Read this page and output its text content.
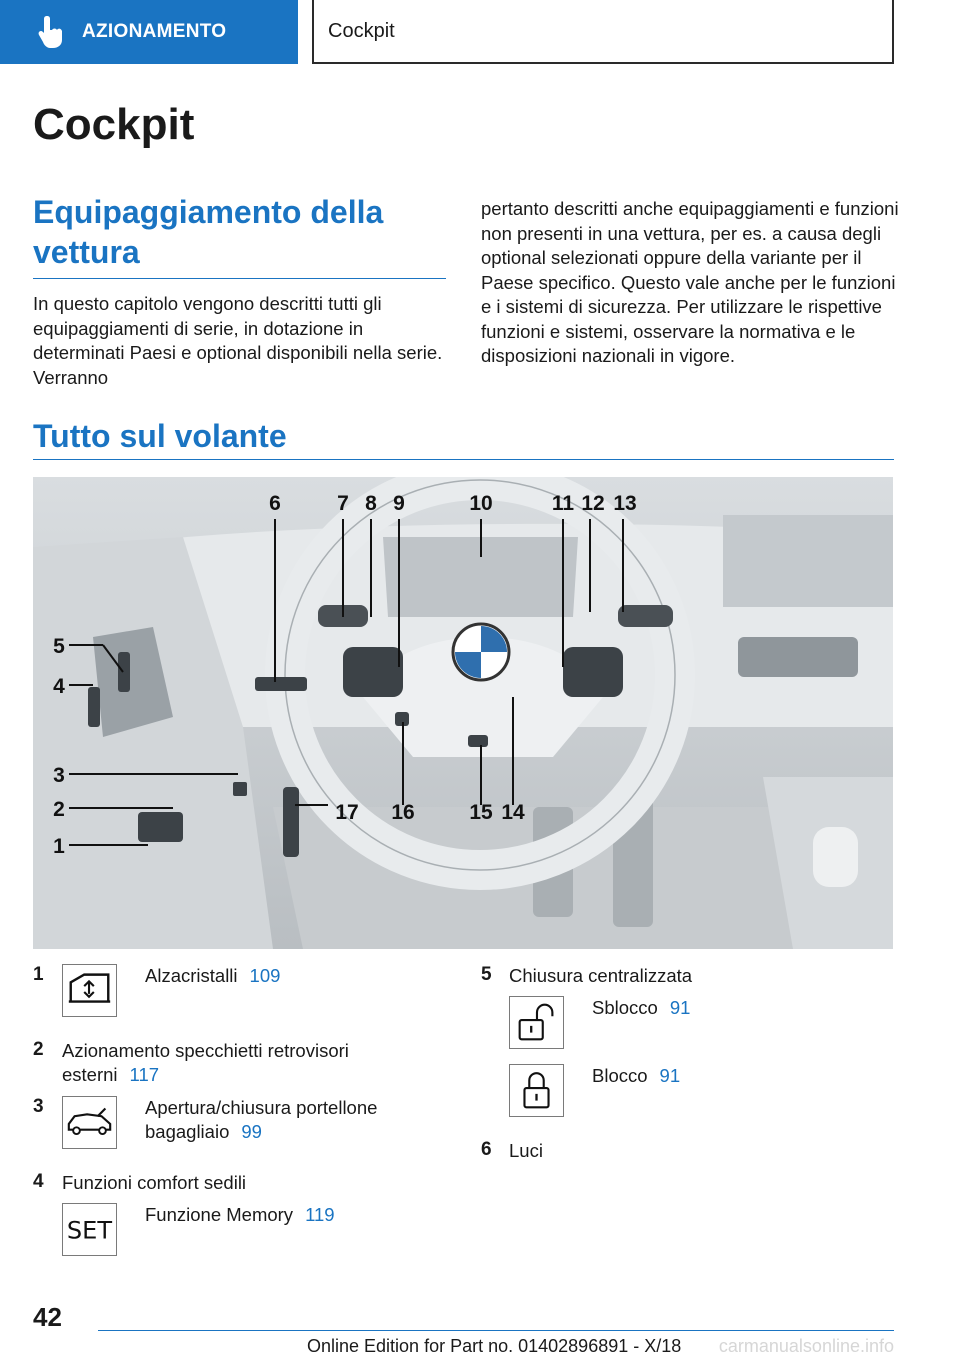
AZIONAMENTO	Cockpit
Cockpit
Equipaggiamento della vettura

In questo capitolo vengono descritti tutti gli equipaggiamenti di serie, in dotazione in determinati Paesi e optional disponibili nella serie. Verranno

pertanto descritti anche equipaggiamenti e funzioni non presenti in una vettura, per es. a causa degli optional selezionati oppure della variante per il Paese specifico. Questo vale anche per le funzioni e i sistemi di sicurezza. Per utilizzare le rispettive funzioni e sistemi, osservare la normativa e le disposizioni nazionali in vigore.

Tutto sul volante
6	7 8 9	10	11 12 13
14
15
16
17
5
4
3
2
1
1	Alzacristalli 109
2 Azionamento specchietti retrovisori esterni 117
3	Apertura/chiusura portellone bagagliaio 99
4 Funzioni comfort sedili
SET
Funzione Memory 119
5 Chiusura centralizzata
Sblocco 91
Blocco 91
6 Luci
42
Online Edition for Part no. 01402896891 - X/18 carmanualsonline.info
